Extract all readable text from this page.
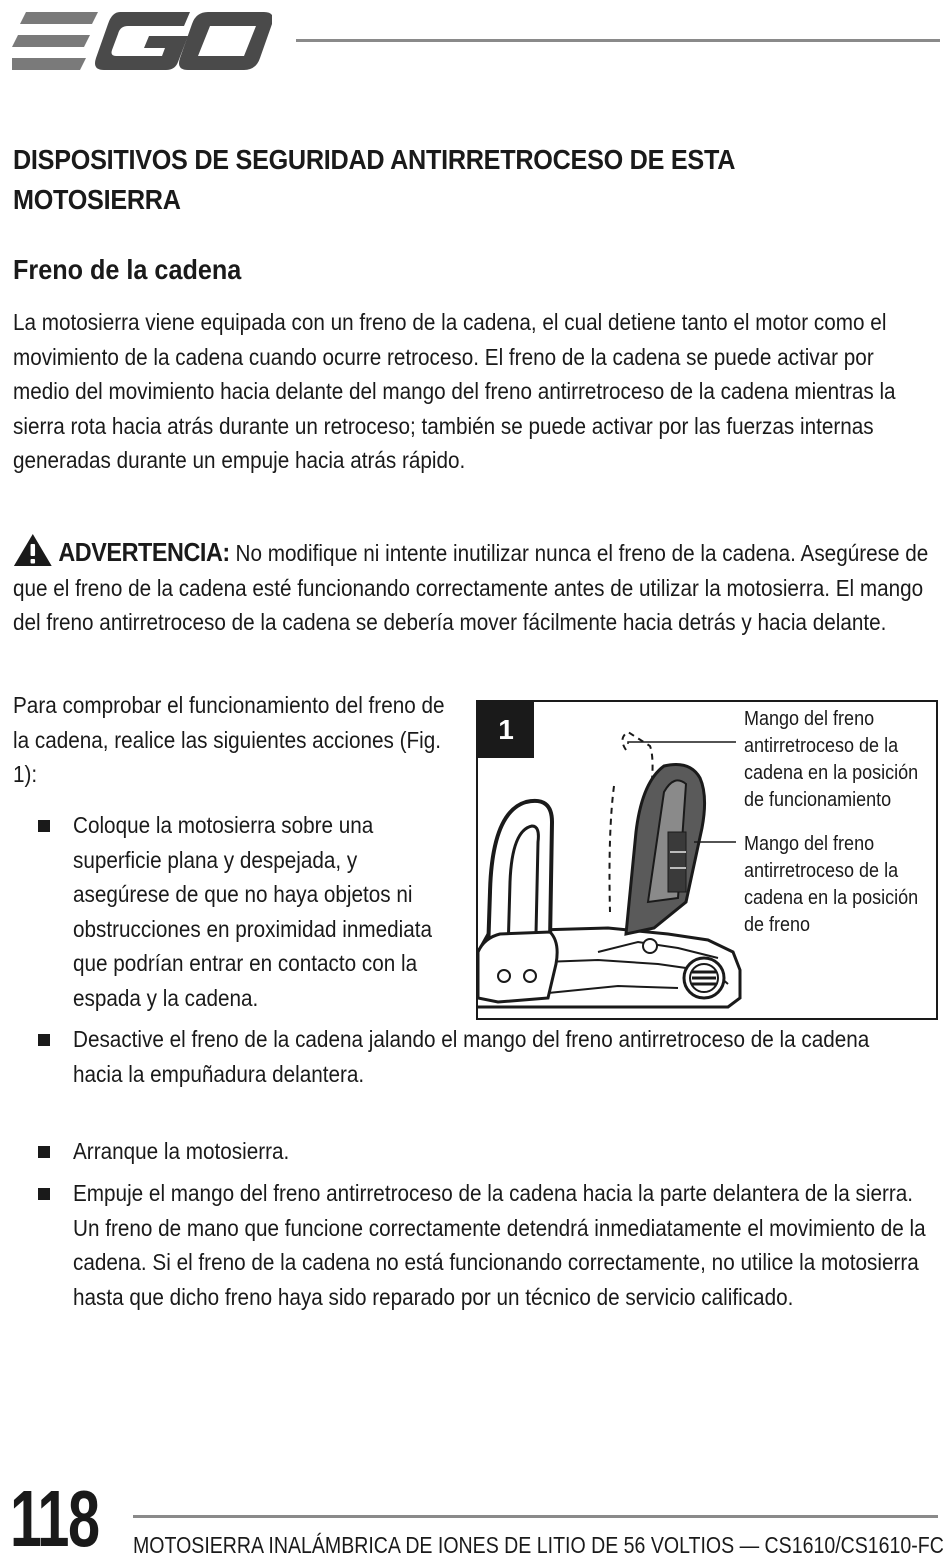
DISPOSITIVOS DE SEGURIDAD ANTIRRETROCESO DE ESTA MOTOSIERRA
Freno de la cadena

La motosierra viene equipada con un freno de la cadena, el cual detiene tanto el motor como el movimiento de la cadena cuando ocurre retroceso. El freno de la cadena se puede activar por medio del movimiento hacia delante del mango del freno antirretroceso de la cadena mientras la sierra rota hacia atrás durante un retroceso; también se puede activar por las fuerzas internas generadas durante un empuje hacia atrás rápido.

ADVERTENCIA: No modifique ni intente inutilizar nunca el freno de la cadena. Asegúrese de que el freno de la cadena esté funcionando correctamente antes de utilizar la motosierra. El mango del freno antirretroceso de la cadena se debería mover fácilmente hacia detrás y hacia delante.

Para comprobar el funcionamiento del freno de la cadena, realice las siguientes acciones (Fig. 1):

1	Mango del freno antirretroceso de la cadena en la posición de funcionamiento

Mango del freno antirretroceso de la cadena en la posición de freno

Coloque la motosierra sobre una superficie plana y despejada, y asegúrese de que no haya objetos ni obstrucciones en proximidad inmediata que podrían entrar en contacto con la espada y la cadena.

Desactive el freno de la cadena jalando el mango del freno antirretroceso de la cadena hacia la empuñadura delantera.

Arranque la motosierra.

Empuje el mango del freno antirretroceso de la cadena hacia la parte delantera de la sierra. Un freno de mano que funcione correctamente detendrá inmediatamente el movimiento de la cadena. Si el freno de la cadena no está funcionando correctamente, no utilice la motosierra hasta que dicho freno haya sido reparado por un técnico de servicio calificado.

118 MOTOSIERRA INALÁMBRICA DE IONES DE LITIO DE 56 VOLTIOS — CS1610/CS1610-FC
